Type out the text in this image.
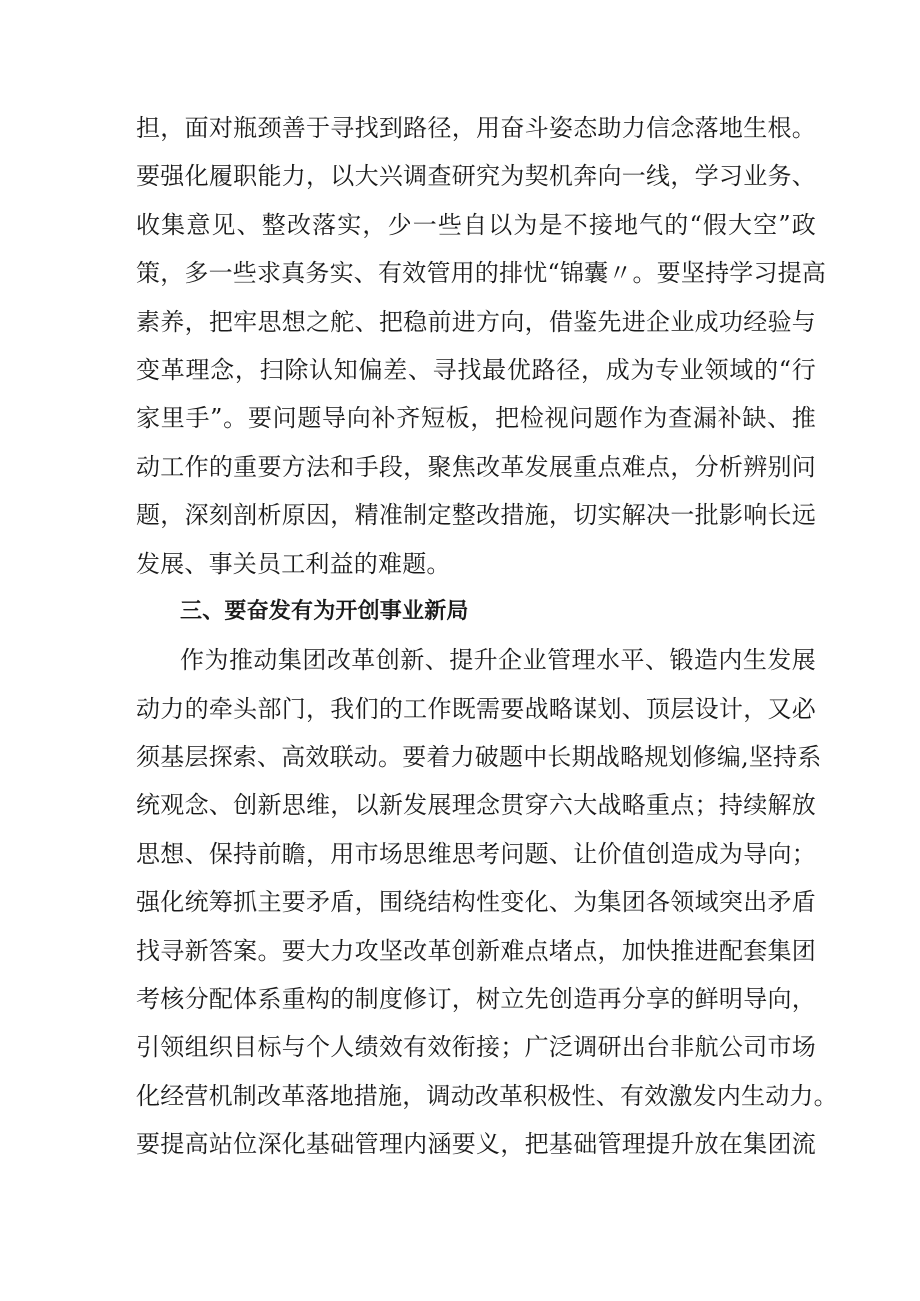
担，面对瓶颈善于寻找到路径，用奋斗姿态助力信念落地生根。
要强化履职能力，以大兴调查研究为契机奔向一线，学习业务、
收集意见、整改落实，少一些自以为是不接地气的“假大空”政
策，多一些求真务实、有效管用的排忧“锦囊〃。要坚持学习提高
素养，把牢思想之舵、把稳前进方向，借鉴先进企业成功经验与
变革理念，扫除认知偏差、寻找最优路径，成为专业领域的“行
家里手”。要问题导向补齐短板，把检视问题作为查漏补缺、推
动工作的重要方法和手段，聚焦改革发展重点难点，分析辨别问
题，深刻剖析原因，精准制定整改措施，切实解决一批影响长远
发展、事关员工利益的难题。
三、要奋发有为开创事业新局
作为推动集团改革创新、提升企业管理水平、锻造内生发展
动力的牵头部门，我们的工作既需要战略谋划、顶层设计，又必
须基层探索、高效联动。要着力破题中长期战略规划修编,坚持系
统观念、创新思维，以新发展理念贯穿六大战略重点；持续解放
思想、保持前瞻，用市场思维思考问题、让价值创造成为导向；
强化统筹抓主要矛盾，围绕结构性变化、为集团各领域突出矛盾
找寻新答案。要大力攻坚改革创新难点堵点，加快推进配套集团
考核分配体系重构的制度修订，树立先创造再分享的鲜明导向，
引领组织目标与个人绩效有效衔接；广泛调研出台非航公司市场
化经营机制改革落地措施，调动改革积极性、有效激发内生动力。
要提高站位深化基础管理内涵要义，把基础管理提升放在集团流
